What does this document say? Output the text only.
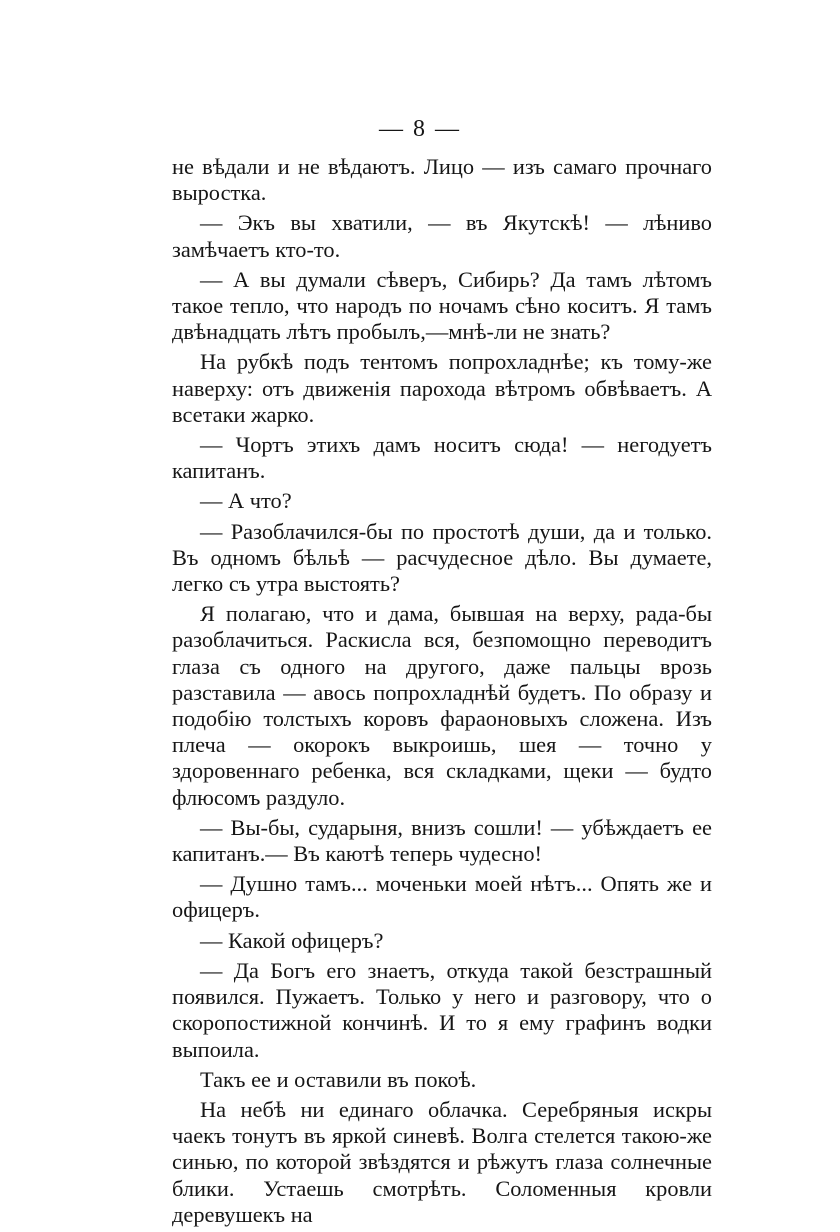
— 8 —

не вѣдали и не вѣдаютъ. Лицо — изъ самаго прочнаго выростка.

— Экъ вы хватили, — въ Якутскѣ! — лѣниво замѣчаетъ кто-то.

— А вы думали сѣверъ, Сибирь? Да тамъ лѣтомъ такое тепло, что народъ по ночамъ сѣно коситъ. Я тамъ двѣнадцать лѣтъ пробылъ,—мнѣ-ли не знать?

На рубкѣ подъ тентомъ попрохладнѣе; къ тому-же наверху: отъ движенія парохода вѣтромъ обвѣваетъ. А всетаки жарко.

— Чортъ этихъ дамъ носитъ сюда! — негодуетъ капитанъ.

— А что?

— Разоблачился-бы по простотѣ души, да и только. Въ одномъ бѣльѣ — расчудесное дѣло. Вы думаете, легко съ утра выстоять?

Я полагаю, что и дама, бывшая на верху, рада-бы разоблачиться. Раскисла вся, безпомощно переводитъ глаза съ одного на другого, даже пальцы врозь разставила — авось попрохладнѣй будетъ. По образу и подобію толстыхъ коровъ фараоновыхъ сложена. Изъ плеча — окорокъ выкроишь, шея — точно у здоровеннаго ребенка, вся складками, щеки — будто флюсомъ раздуло.

— Вы-бы, сударыня, внизъ сошли! — убѣждаетъ ее капитанъ.— Въ каютѣ теперь чудесно!

— Душно тамъ... моченьки моей нѣтъ... Опять же и офицеръ.

— Какой офицеръ?

— Да Богъ его знаетъ, откуда такой безстрашный появился. Пужаетъ. Только у него и разговору, что о скоропостижной кончинѣ. И то я ему графинъ водки выпоила.

Такъ ее и оставили въ покоѣ.

На небѣ ни единаго облачка. Серебряныя искры чаекъ тонутъ въ яркой синевѣ. Волга стелется такою-же синью, по которой звѣздятся и рѣжутъ глаза солнечные блики. Устаешь смотрѣть. Соломенныя кровли деревушекъ на
